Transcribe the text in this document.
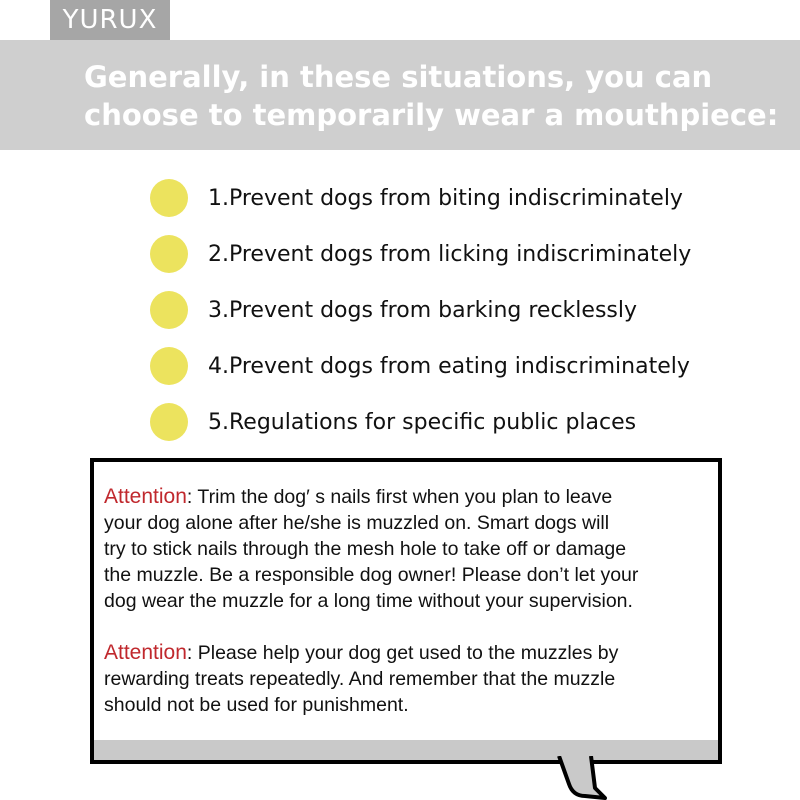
YURUX
Generally, in these situations, you can choose to temporarily wear a mouthpiece:
1.Prevent dogs from biting indiscriminately
2.Prevent dogs from licking indiscriminately
3.Prevent dogs from barking recklessly
4.Prevent dogs from eating indiscriminately
5.Regulations for specific public places

Attention: Trim the dog′ s nails first when you plan to leave
your dog alone after he/she is muzzled on. Smart dogs will
try to stick nails through the mesh hole to take off or damage
the muzzle. Be a responsible dog owner! Please don’t let your
dog wear the muzzle for a long time without your supervision.

Attention: Please help your dog get used to the muzzles by
rewarding treats repeatedly. And remember that the muzzle
should not be used for punishment.
